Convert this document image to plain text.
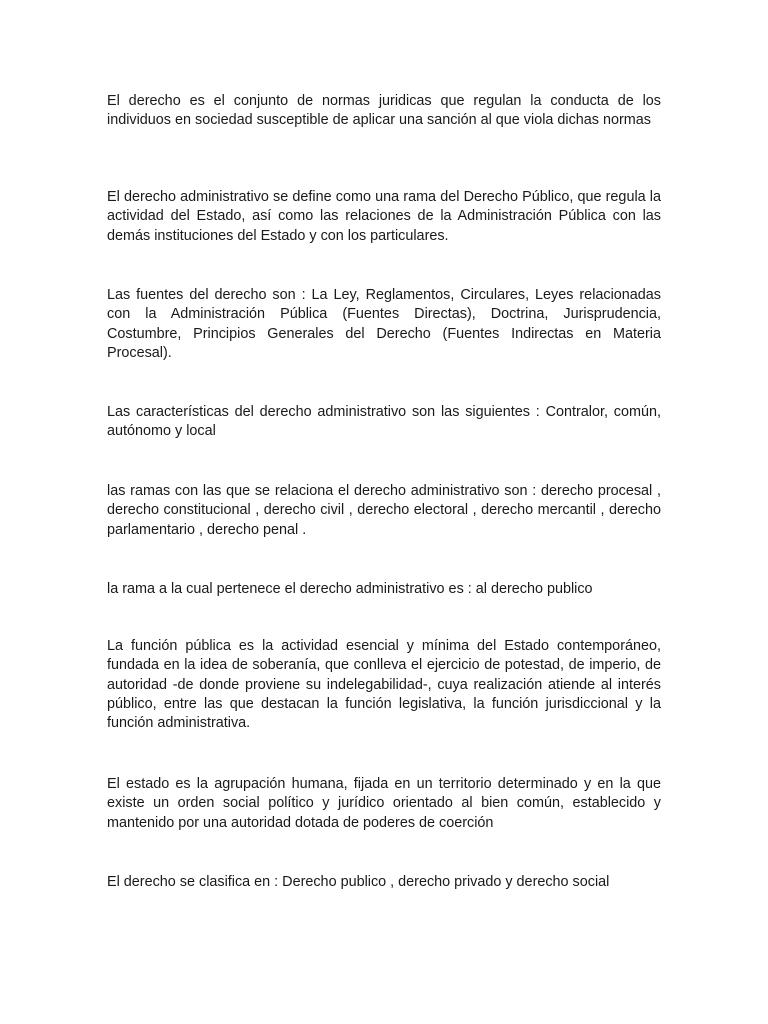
El derecho es el conjunto de normas juridicas que regulan la conducta de los individuos en sociedad susceptible de aplicar una sanción al que viola dichas normas

El derecho administrativo se define como una rama del Derecho Público, que regula la actividad del Estado, así como las relaciones de la Administración Pública con las demás instituciones del Estado y con los particulares.

Las fuentes del derecho son : La Ley, Reglamentos, Circulares, Leyes relacionadas con la Administración Pública (Fuentes Directas), Doctrina, Jurisprudencia, Costumbre, Principios Generales del Derecho (Fuentes Indirectas en Materia Procesal).

Las características del derecho administrativo son las siguientes : Contralor, común, autónomo y local

las ramas con las que se relaciona el derecho administrativo son : derecho procesal , derecho constitucional , derecho civil , derecho electoral , derecho mercantil , derecho parlamentario , derecho penal .

la rama a la cual pertenece el derecho administrativo es : al derecho publico

La función pública es la actividad esencial y mínima del Estado contemporáneo, fundada en la idea de soberanía, que conlleva el ejercicio de potestad, de imperio, de autoridad -de donde proviene su indelegabilidad-, cuya realización atiende al interés público, entre las que destacan la función legislativa, la función jurisdiccional y la función administrativa.

El estado es la agrupación humana, fijada en un territorio determinado y en la que existe un orden social político y jurídico orientado al bien común, establecido y mantenido por una autoridad dotada de poderes de coerción

El derecho se clasifica en : Derecho publico , derecho privado y derecho social
